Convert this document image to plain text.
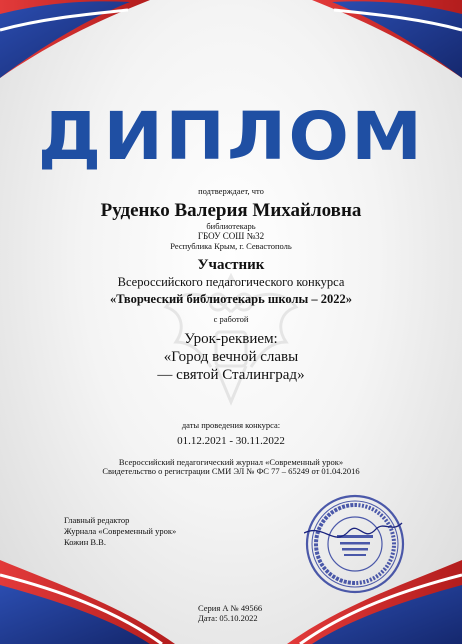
ДИПЛОМ
подтверждает, что
Руденко Валерия Михайловна
библиотекарь
ГБОУ СОШ №32
Республика Крым, г. Севастополь
Участник
Всероссийского педагогического конкурса
«Творческий библиотекарь школы – 2022»
с работой
Урок-реквием:
«Город вечной славы
— святой Сталинград»
даты проведения конкурса:
01.12.2021 - 30.11.2022
Всероссийский педагогический журнал «Современный урок»
Свидетельство о регистрации СМИ ЭЛ № ФС 77 – 65249 от 01.04.2016
Главный редактор
Журнала «Современный урок»
Кожин В.В.
Серия А № 49566
Дата: 05.10.2022
